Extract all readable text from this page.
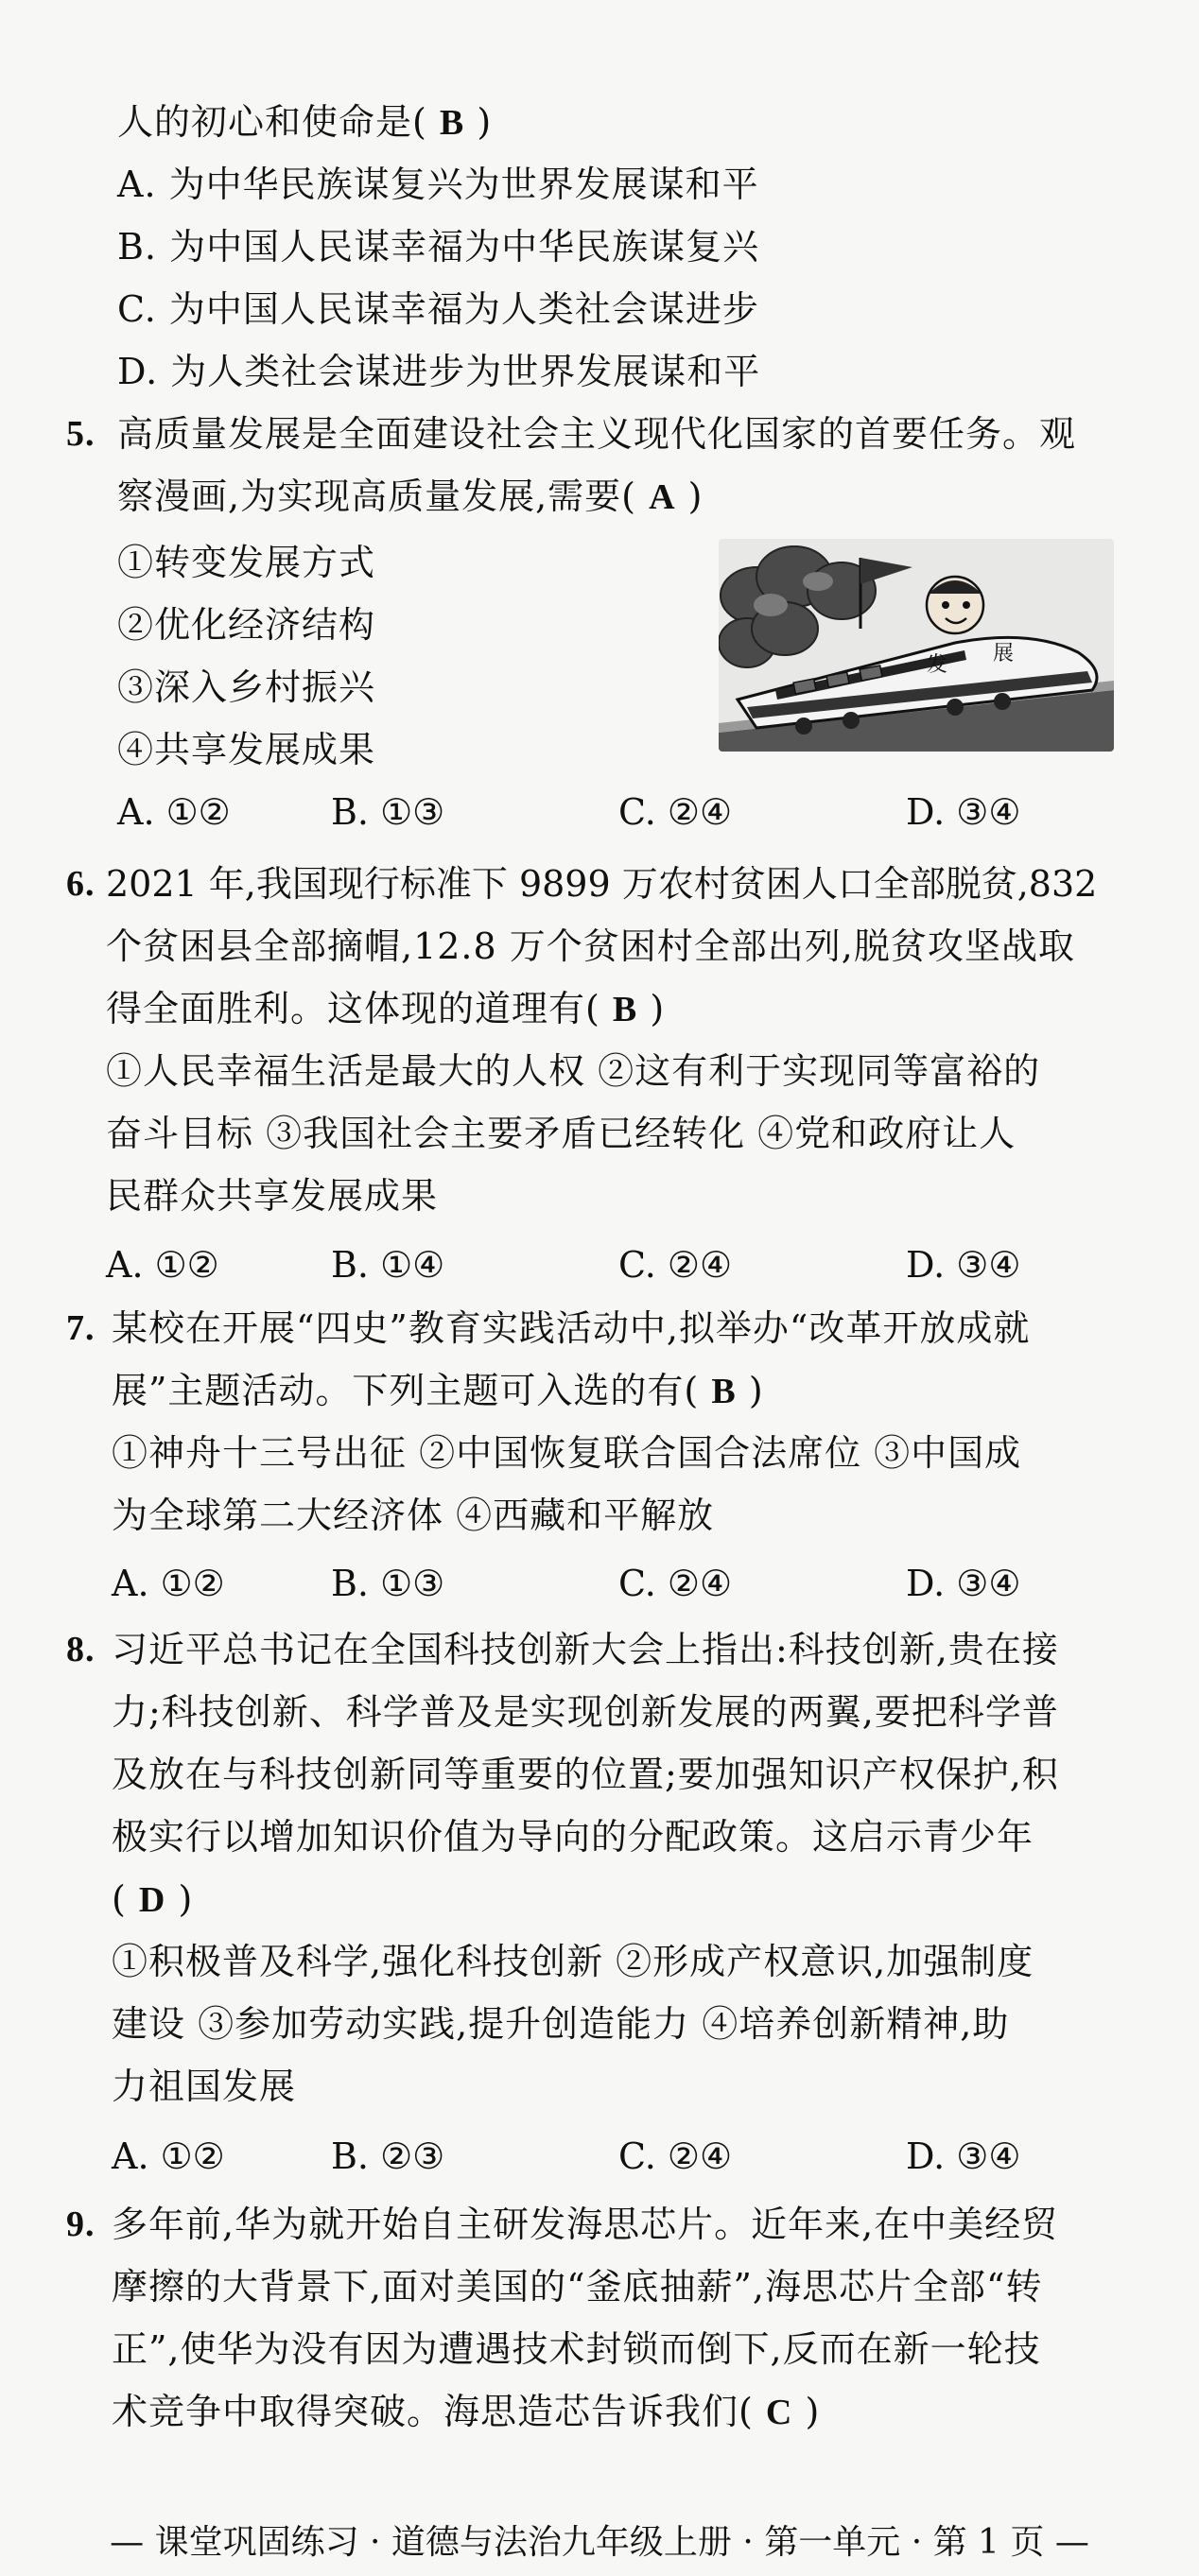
人的初心和使命是( B )
A. 为中华民族谋复兴为世界发展谋和平
B. 为中国人民谋幸福为中华民族谋复兴
C. 为中国人民谋幸福为人类社会谋进步
D. 为人类社会谋进步为世界发展谋和平
5. 高质量发展是全面建设社会主义现代化国家的首要任务。观
察漫画,为实现高质量发展,需要( A )
①转变发展方式
②优化经济结构
③深入乡村振兴
④共享发展成果
发 展
A. ①②	B. ①③	C. ②④	D. ③④
6. 2021 年,我国现行标准下 9899 万农村贫困人口全部脱贫,832
个贫困县全部摘帽,12.8 万个贫困村全部出列,脱贫攻坚战取
得全面胜利。这体现的道理有( B )
①人民幸福生活是最大的人权 ②这有利于实现同等富裕的
奋斗目标 ③我国社会主要矛盾已经转化 ④党和政府让人
民群众共享发展成果
A. ①②	B. ①④	C. ②④	D. ③④
7. 某校在开展“四史”教育实践活动中,拟举办“改革开放成就
展”主题活动。下列主题可入选的有( B )
①神舟十三号出征 ②中国恢复联合国合法席位 ③中国成
为全球第二大经济体 ④西藏和平解放
A. ①②	B. ①③	C. ②④	D. ③④
8. 习近平总书记在全国科技创新大会上指出:科技创新,贵在接
力;科技创新、科学普及是实现创新发展的两翼,要把科学普
及放在与科技创新同等重要的位置;要加强知识产权保护,积
极实行以增加知识价值为导向的分配政策。这启示青少年
( D )
①积极普及科学,强化科技创新 ②形成产权意识,加强制度
建设 ③参加劳动实践,提升创造能力 ④培养创新精神,助
力祖国发展
A. ①②	B. ②③	C. ②④	D. ③④
9. 多年前,华为就开始自主研发海思芯片。近年来,在中美经贸
摩擦的大背景下,面对美国的“釜底抽薪”,海思芯片全部“转
正”,使华为没有因为遭遇技术封锁而倒下,反而在新一轮技
术竞争中取得突破。海思造芯告诉我们( C )
— 课堂巩固练习 · 道德与法治九年级上册 · 第一单元 · 第 1 页 —
